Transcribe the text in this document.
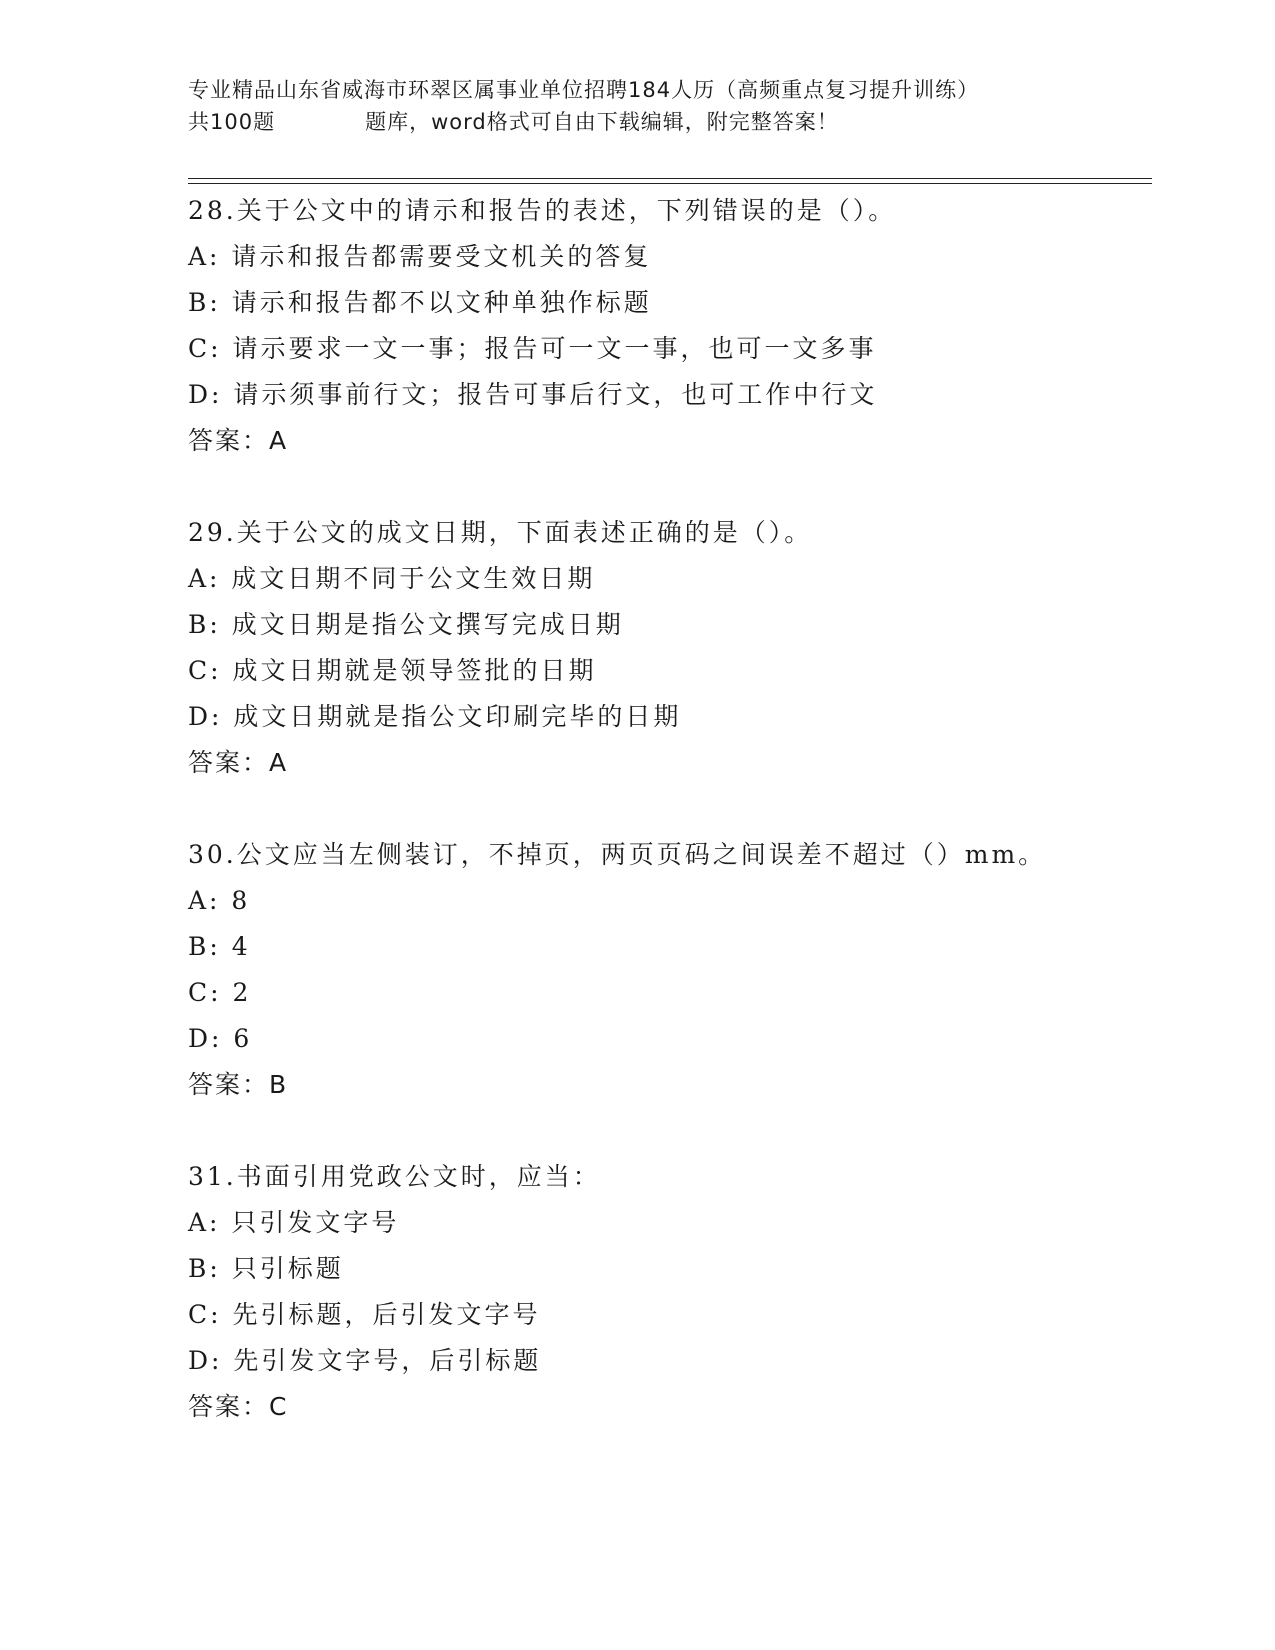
专业精品山东省威海市环翠区属事业单位招聘184人历（高频重点复习提升训练）
共100题	题库，word格式可自由下载编辑，附完整答案！
28.关于公文中的请示和报告的表述，下列错误的是（）。
A: 请示和报告都需要受文机关的答复
B: 请示和报告都不以文种单独作标题
C: 请示要求一文一事；报告可一文一事，也可一文多事
D: 请示须事前行文；报告可事后行文，也可工作中行文
答案：A
29.关于公文的成文日期，下面表述正确的是（）。
A: 成文日期不同于公文生效日期
B: 成文日期是指公文撰写完成日期
C: 成文日期就是领导签批的日期
D: 成文日期就是指公文印刷完毕的日期
答案：A
30.公文应当左侧装订，不掉页，两页页码之间误差不超过（）mm。
A: 8
B: 4
C: 2
D: 6
答案：B
31.书面引用党政公文时，应当：
A: 只引发文字号
B: 只引标题
C: 先引标题，后引发文字号
D: 先引发文字号，后引标题
答案：C
